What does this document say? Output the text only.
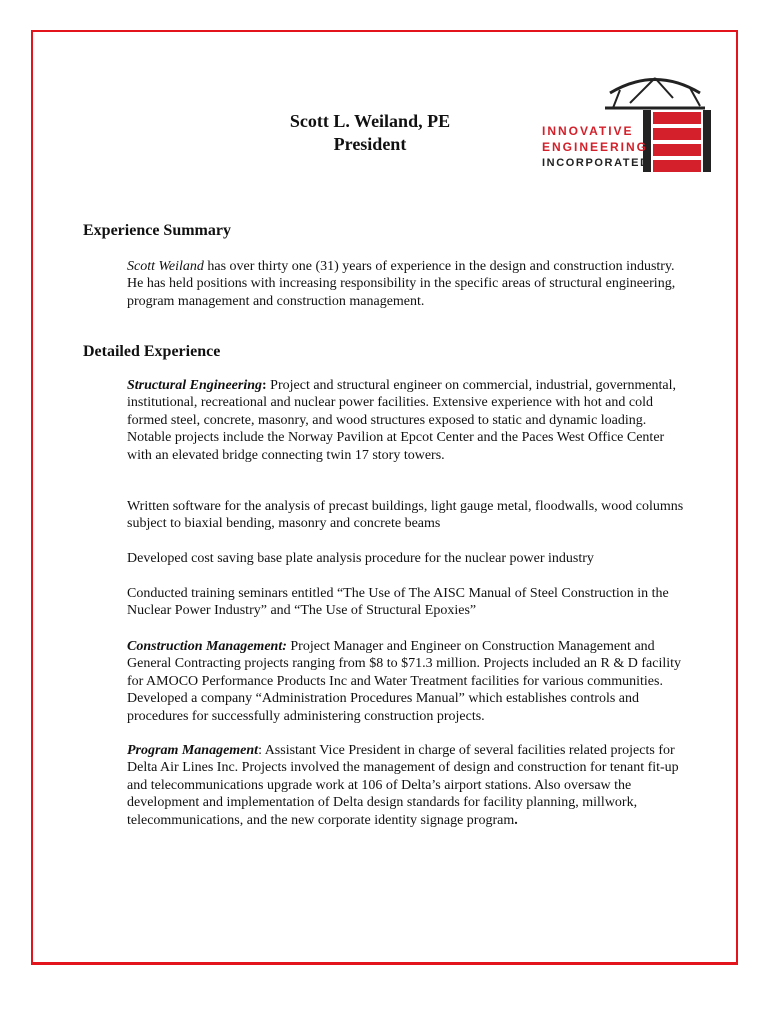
Scott L. Weiland, PE
President
INNOVATIVE
ENGINEERING
INCORPORATED
Experience Summary

Scott Weiland has over thirty one (31) years of experience in the design and construction industry. He has held positions with increasing responsibility in the specific areas of structural engineering, program management and construction management.

Detailed Experience

Structural Engineering: Project and structural engineer on commercial, industrial, governmental, institutional, recreational and nuclear power facilities. Extensive experience with hot and cold formed steel, concrete, masonry, and wood structures exposed to static and dynamic loading. Notable projects include the Norway Pavilion at Epcot Center and the Paces West Office Center with an elevated bridge connecting twin 17 story towers.

Written software for the analysis of precast buildings, light gauge metal, floodwalls, wood columns subject to biaxial bending, masonry and concrete beams

Developed cost saving base plate analysis procedure for the nuclear power industry

Conducted training seminars entitled “The Use of The AISC Manual of Steel Construction in the Nuclear Power Industry” and “The Use of Structural Epoxies”

Construction Management: Project Manager and Engineer on Construction Management and General Contracting projects ranging from $8 to $71.3 million. Projects included an R & D facility for AMOCO Performance Products Inc and Water Treatment facilities for various communities. Developed a company “Administration Procedures Manual” which establishes controls and procedures for successfully administering construction projects.

Program Management: Assistant Vice President in charge of several facilities related projects for Delta Air Lines Inc. Projects involved the management of design and construction for tenant fit-up and telecommunications upgrade work at 106 of Delta’s airport stations. Also oversaw the development and implementation of Delta design standards for facility planning, millwork, telecommunications, and the new corporate identity signage program.
